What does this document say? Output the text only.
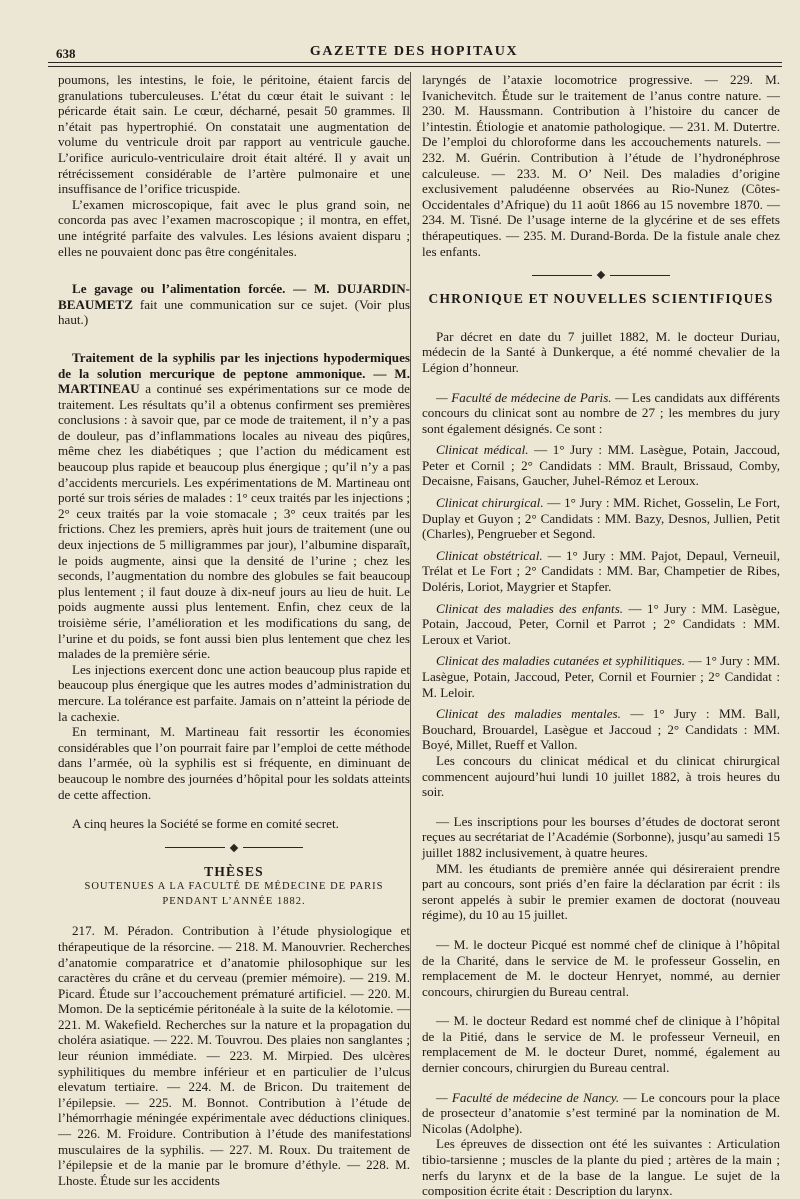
638	GAZETTE DES HOPITAUX

poumons, les intestins, le foie, le péritoine, étaient farcis de granulations tuberculeuses. L’état du cœur était le suivant : le péricarde était sain. Le cœur, décharné, pesait 50 grammes. Il n’était pas hypertrophié. On constatait une augmentation de volume du ventricule droit par rapport au ventricule gauche. L’orifice auriculo-ventriculaire droit était altéré. Il y avait un rétrécissement considérable de l’artère pulmonaire et une insuffisance de l’orifice tricuspide.

L’examen microscopique, fait avec le plus grand soin, ne concorda pas avec l’examen macroscopique ; il montra, en effet, une intégrité parfaite des valvules. Les lésions avaient disparu ; elles ne pouvaient donc pas être congénitales.

Le gavage ou l’alimentation forcée. — M. DUJARDIN-BEAUMETZ fait une communication sur ce sujet. (Voir plus haut.)

Traitement de la syphilis par les injections hypodermiques de la solution mercurique de peptone ammonique. — M. MARTINEAU a continué ses expérimentations sur ce mode de traitement. Les résultats qu’il a obtenus confirment ses premières conclusions : à savoir que, par ce mode de traitement, il n’y a pas de douleur, pas d’inflammations locales au niveau des piqûres, même chez les diabétiques ; que l’action du médicament est beaucoup plus rapide et beaucoup plus énergique ; qu’il n’y a pas d’accidents mercuriels. Les expérimentations de M. Martineau ont porté sur trois séries de malades : 1° ceux traités par les injections ; 2° ceux traités par la voie stomacale ; 3° ceux traités par les frictions. Chez les premiers, après huit jours de traitement (une ou deux injections de 5 milligrammes par jour), l’albumine disparaît, le poids augmente, ainsi que la densité de l’urine ; chez les seconds, l’augmentation du nombre des globules se fait beaucoup plus lentement ; il faut douze à dix-neuf jours au lieu de huit. Le poids augmente aussi plus lentement. Enfin, chez ceux de la troisième série, l’amélioration et les modifications du sang, de l’urine et du poids, se font aussi bien plus lentement que chez les malades de la première série.

Les injections exercent donc une action beaucoup plus rapide et beaucoup plus énergique que les autres modes d’administration du mercure. La tolérance est parfaite. Jamais on n’atteint la période de la cachexie.

En terminant, M. Martineau fait ressortir les économies considérables que l’on pourrait faire par l’emploi de cette méthode dans l’armée, où la syphilis est si fréquente, en diminuant de beaucoup le nombre des journées d’hôpital pour les soldats atteints de cette affection.

A cinq heures la Société se forme en comité secret.

THÈSES
SOUTENUES A LA FACULTÉ DE MÉDECINE DE PARIS
PENDANT L’ANNÉE 1882.

217. M. Péradon. Contribution à l’étude physiologique et thérapeutique de la résorcine. — 218. M. Manouvrier. Recherches d’anatomie comparatrice et d’anatomie philosophique sur les caractères du crâne et du cerveau (premier mémoire). — 219. M. Picard. Étude sur l’accouchement prématuré artificiel. — 220. M. Momon. De la septicémie péritonéale à la suite de la kélotomie. — 221. M. Wakefield. Recherches sur la nature et la propagation du choléra asiatique. — 222. M. Touvrou. Des plaies non sanglantes ; leur réunion immédiate. — 223. M. Mirpied. Des ulcères syphilitiques du membre inférieur et en particulier de l’ulcus elevatum tertiaire. — 224. M. de Bricon. Du traitement de l’épilepsie. — 225. M. Bonnot. Contribution à l’étude de l’hémorrhagie méningée expérimentale avec déductions cliniques. — 226. M. Froidure. Contribution à l’étude des manifestations musculaires de la syphilis. — 227. M. Roux. Du traitement de l’épilepsie et de la manie par le bromure d’éthyle. — 228. M. Lhoste. Étude sur les accidents

laryngés de l’ataxie locomotrice progressive. — 229. M. Ivanichevitch. Étude sur le traitement de l’anus contre nature. — 230. M. Haussmann. Contribution à l’histoire du cancer de l’intestin. Étiologie et anatomie pathologique. — 231. M. Dutertre. De l’emploi du chloroforme dans les accouchements naturels. — 232. M. Guérin. Contribution à l’étude de l’hydronéphrose calculeuse. — 233. M. O’ Neil. Des maladies d’origine exclusivement paludéenne observées au Rio-Nunez (Côtes-Occidentales d’Afrique) du 11 août 1866 au 15 novembre 1870. — 234. M. Tisné. De l’usage interne de la glycérine et de ses effets thérapeutiques. — 235. M. Durand-Borda. De la fistule anale chez les enfants.

CHRONIQUE ET NOUVELLES SCIENTIFIQUES

Par décret en date du 7 juillet 1882, M. le docteur Duriau, médecin de la Santé à Dunkerque, a été nommé chevalier de la Légion d’honneur.

— Faculté de médecine de Paris. — Les candidats aux différents concours du clinicat sont au nombre de 27 ; les membres du jury sont également désignés. Ce sont :

Clinicat médical. — 1° Jury : MM. Lasègue, Potain, Jaccoud, Peter et Cornil ; 2° Candidats : MM. Brault, Brissaud, Comby, Decaisne, Faisans, Gaucher, Juhel-Rémoz et Leroux.

Clinicat chirurgical. — 1° Jury : MM. Richet, Gosselin, Le Fort, Duplay et Guyon ; 2° Candidats : MM. Bazy, Desnos, Jullien, Petit (Charles), Pengrueber et Segond.

Clinicat obstétrical. — 1° Jury : MM. Pajot, Depaul, Verneuil, Trélat et Le Fort ; 2° Candidats : MM. Bar, Champetier de Ribes, Doléris, Loriot, Maygrier et Stapfer.

Clinicat des maladies des enfants. — 1° Jury : MM. Lasègue, Potain, Jaccoud, Peter, Cornil et Parrot ; 2° Candidats : MM. Leroux et Variot.

Clinicat des maladies cutanées et syphilitiques. — 1° Jury : MM. Lasègue, Potain, Jaccoud, Peter, Cornil et Fournier ; 2° Candidat : M. Leloir.

Clinicat des maladies mentales. — 1° Jury : MM. Ball, Bouchard, Brouardel, Lasègue et Jaccoud ; 2° Candidats : MM. Boyé, Millet, Rueff et Vallon.

Les concours du clinicat médical et du clinicat chirurgical commencent aujourd’hui lundi 10 juillet 1882, à trois heures du soir.

— Les inscriptions pour les bourses d’études de doctorat seront reçues au secrétariat de l’Académie (Sorbonne), jusqu’au samedi 15 juillet 1882 inclusivement, à quatre heures.

MM. les étudiants de première année qui désireraient prendre part au concours, sont priés d’en faire la déclaration par écrit : ils seront appelés à subir le premier examen de doctorat (nouveau régime), du 10 au 15 juillet.

— M. le docteur Picqué est nommé chef de clinique à l’hôpital de la Charité, dans le service de M. le professeur Gosselin, en remplacement de M. le docteur Henryet, nommé, au dernier concours, chirurgien du Bureau central.

— M. le docteur Redard est nommé chef de clinique à l’hôpital de la Pitié, dans le service de M. le professeur Verneuil, en remplacement de M. le docteur Duret, nommé, également au dernier concours, chirurgien du Bureau central.

— Faculté de médecine de Nancy. — Le concours pour la place de prosecteur d’anatomie s’est terminé par la nomination de M. Nicolas (Adolphe).

Les épreuves de dissection ont été les suivantes : Articulation tibio-tarsienne ; muscles de la plante du pied ; artères de la main ; nerfs du larynx et de la base de la langue. Le sujet de la composition écrite était : Description du larynx.
